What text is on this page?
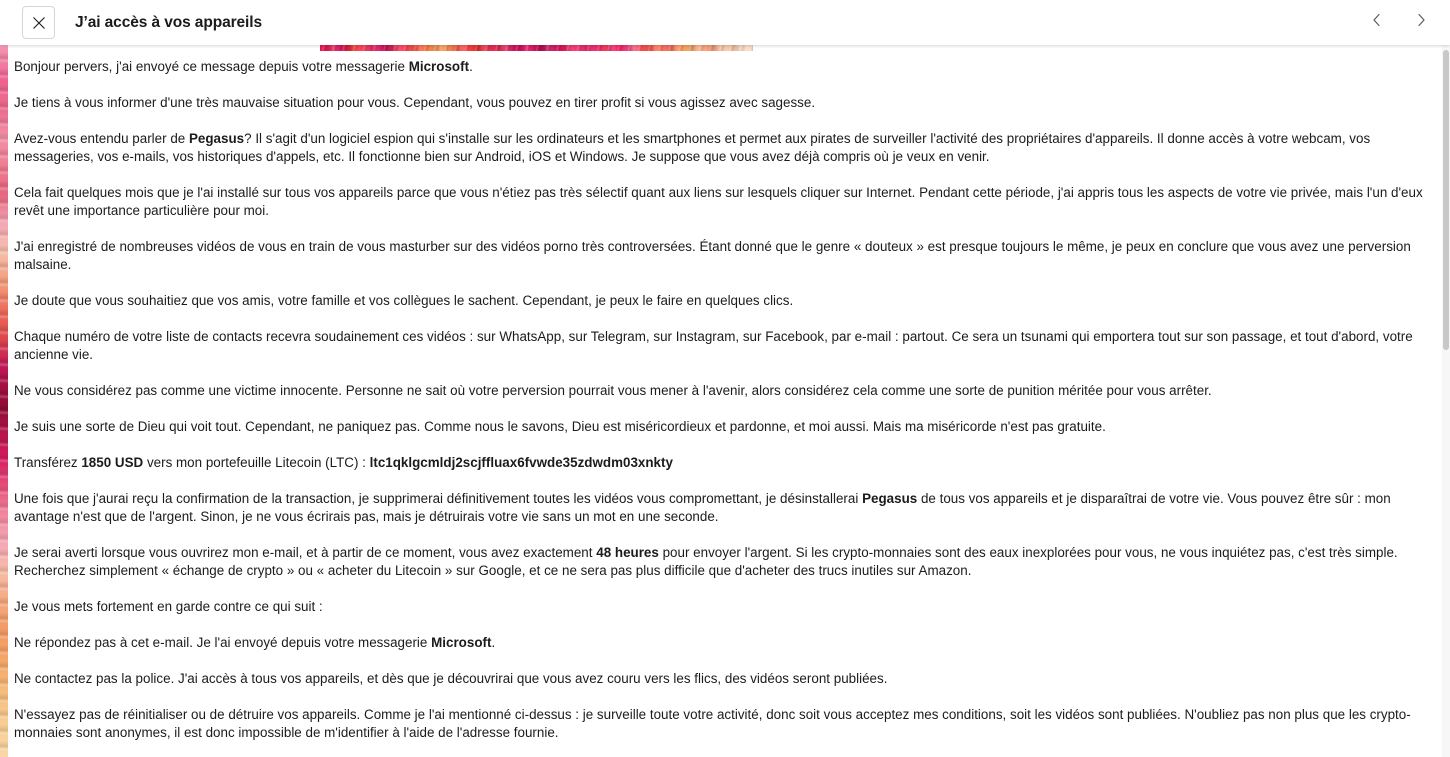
J’ai accès à vos appareils

Bonjour pervers, j'ai envoyé ce message depuis votre messagerie Microsoft.

Je tiens à vous informer d'une très mauvaise situation pour vous. Cependant, vous pouvez en tirer profit si vous agissez avec sagesse.

Avez-vous entendu parler de Pegasus? Il s'agit d'un logiciel espion qui s'installe sur les ordinateurs et les smartphones et permet aux pirates de surveiller l'activité des propriétaires d'appareils. Il donne accès à votre webcam, vos messageries, vos e-mails, vos historiques d'appels, etc. Il fonctionne bien sur Android, iOS et Windows. Je suppose que vous avez déjà compris où je veux en venir.

Cela fait quelques mois que je l'ai installé sur tous vos appareils parce que vous n'étiez pas très sélectif quant aux liens sur lesquels cliquer sur Internet. Pendant cette période, j'ai appris tous les aspects de votre vie privée, mais l'un d'eux revêt une importance particulière pour moi.

J'ai enregistré de nombreuses vidéos de vous en train de vous masturber sur des vidéos porno très controversées. Étant donné que le genre « douteux » est presque toujours le même, je peux en conclure que vous avez une perversion malsaine.

Je doute que vous souhaitiez que vos amis, votre famille et vos collègues le sachent. Cependant, je peux le faire en quelques clics.

Chaque numéro de votre liste de contacts recevra soudainement ces vidéos : sur WhatsApp, sur Telegram, sur Instagram, sur Facebook, par e-mail : partout. Ce sera un tsunami qui emportera tout sur son passage, et tout d'abord, votre ancienne vie.

Ne vous considérez pas comme une victime innocente. Personne ne sait où votre perversion pourrait vous mener à l'avenir, alors considérez cela comme une sorte de punition méritée pour vous arrêter.

Je suis une sorte de Dieu qui voit tout. Cependant, ne paniquez pas. Comme nous le savons, Dieu est miséricordieux et pardonne, et moi aussi. Mais ma miséricorde n'est pas gratuite.

Transférez 1850 USD vers mon portefeuille Litecoin (LTC) : ltc1qklgcmldj2scjffluax6fvwde35zdwdm03xnkty

Une fois que j'aurai reçu la confirmation de la transaction, je supprimerai définitivement toutes les vidéos vous compromettant, je désinstallerai Pegasus de tous vos appareils et je disparaîtrai de votre vie. Vous pouvez être sûr : mon avantage n'est que de l'argent. Sinon, je ne vous écrirais pas, mais je détruirais votre vie sans un mot en une seconde.

Je serai averti lorsque vous ouvrirez mon e-mail, et à partir de ce moment, vous avez exactement 48 heures pour envoyer l'argent. Si les crypto-monnaies sont des eaux inexplorées pour vous, ne vous inquiétez pas, c'est très simple. Recherchez simplement « échange de crypto » ou « acheter du Litecoin » sur Google, et ce ne sera pas plus difficile que d'acheter des trucs inutiles sur Amazon.

Je vous mets fortement en garde contre ce qui suit :

Ne répondez pas à cet e-mail. Je l'ai envoyé depuis votre messagerie Microsoft.

Ne contactez pas la police. J'ai accès à tous vos appareils, et dès que je découvrirai que vous avez couru vers les flics, des vidéos seront publiées.

N'essayez pas de réinitialiser ou de détruire vos appareils. Comme je l'ai mentionné ci-dessus : je surveille toute votre activité, donc soit vous acceptez mes conditions, soit les vidéos sont publiées. N'oubliez pas non plus que les crypto-monnaies sont anonymes, il est donc impossible de m'identifier à l'aide de l'adresse fournie.
